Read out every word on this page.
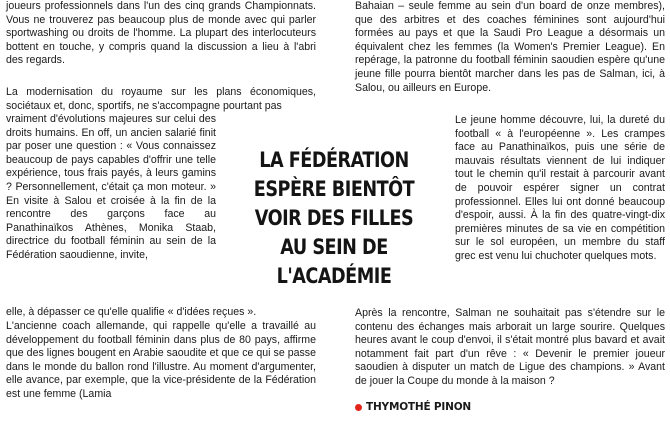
joueurs professionnels dans l'un des cinq grands Championnats. Vous ne trouverez pas beaucoup plus de monde avec qui parler sportwashing ou droits de l'homme. La plupart des interlocuteurs bottent en touche, y compris quand la discussion a lieu à l'abri des regards.

La modernisation du royaume sur les plans économiques, sociétaux et, donc, sportifs, ne s'accompagne pourtant pas

vraiment d'évolutions majeures sur celui des droits humains. En off, un ancien salarié finit par poser une question : « Vous connaissez beaucoup de pays capables d'offrir une telle expérience, tous frais payés, à leurs gamins ? Personnellement, c'était ça mon moteur. » En visite à Salou et croisée à la fin de la rencontre des garçons face au Panathinaïkos Athènes, Monika Staab, directrice du football féminin au sein de la Fédération saoudienne, invite,

elle, à dépasser ce qu'elle qualifie « d'idées reçues ».

L'ancienne coach allemande, qui rappelle qu'elle a travaillé au développement du football féminin dans plus de 80 pays, affirme que des lignes bougent en Arabie saoudite et que ce qui se passe dans le monde du ballon rond l'illustre. Au moment d'argumenter, elle avance, par exemple, que la vice-présidente de la Fédération est une femme (Lamia

Bahaian – seule femme au sein d'un board de onze membres), que des arbitres et des coaches féminines sont aujourd'hui formées au pays et que la Saudi Pro League a désormais un équivalent chez les femmes (la Women's Premier League). En repérage, la patronne du football féminin saoudien espère qu'une jeune fille pourra bientôt marcher dans les pas de Salman, ici, à Salou, ou ailleurs en Europe.

Le jeune homme découvre, lui, la dureté du football « à l'européenne ». Les crampes face au Panathinaïkos, puis une série de mauvais résultats viennent de lui indiquer tout le chemin qu'il restait à parcourir avant de pouvoir espérer signer un contrat professionnel. Elles lui ont donné beaucoup d'espoir, aussi. À la fin des quatre-vingt-dix premières minutes de sa vie en compétition sur le sol européen, un membre du staff grec est venu lui chuchoter quelques mots.

Après la rencontre, Salman ne souhaitait pas s'étendre sur le contenu des échanges mais arborait un large sourire. Quelques heures avant le coup d'envoi, il s'était montré plus bavard et avait notamment fait part d'un rêve : « Devenir le premier joueur saoudien à disputer un match de Ligue des champions. » Avant de jouer la Coupe du monde à la maison ?

LA FÉDÉRATION ESPÈRE BIENTÔT VOIR DES FILLES AU SEIN DE L'ACADÉMIE
THYMOTHÉ PINON
